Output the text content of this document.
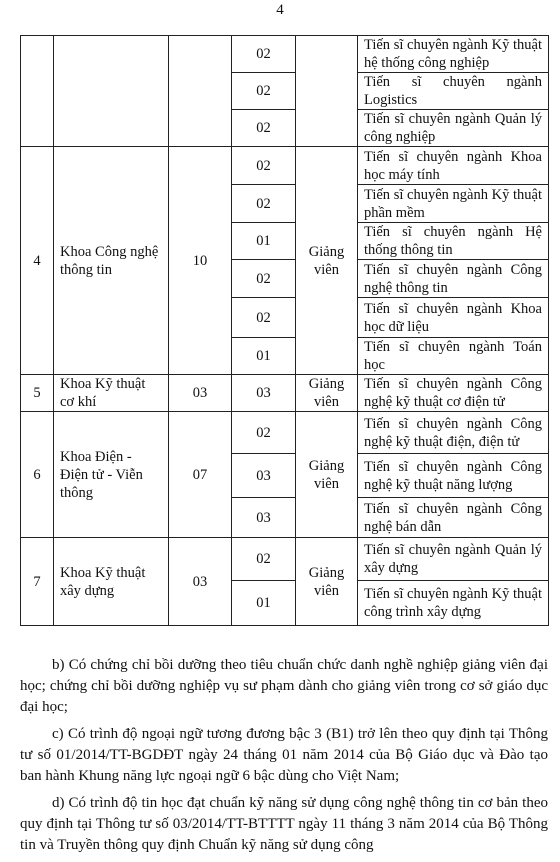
4
			02		Tiến sĩ chuyên ngành Kỹ thuật hệ thống công nghiệp
			02		Tiến sĩ chuyên ngành Logistics
			02		Tiến sĩ chuyên ngành Quản lý công nghiệp
4	Khoa Công nghệ thông tin	10	02	Giảng viên	Tiến sĩ chuyên ngành Khoa học máy tính
			02		Tiến sĩ chuyên ngành Kỹ thuật phần mềm
			01		Tiến sĩ chuyên ngành Hệ thống thông tin
			02		Tiến sĩ chuyên ngành Công nghệ thông tin
			02		Tiến sĩ chuyên ngành Khoa học dữ liệu
			01		Tiến sĩ chuyên ngành Toán học
5	Khoa Kỹ thuật cơ khí	03	03	Giảng viên	Tiến sĩ chuyên ngành Công nghệ kỹ thuật cơ điện tử
6	Khoa Điện - Điện tử - Viễn thông	07	02	Giảng viên	Tiến sĩ chuyên ngành Công nghệ kỹ thuật điện, điện tử
			03		Tiến sĩ chuyên ngành Công nghệ kỹ thuật năng lượng
			03		Tiến sĩ chuyên ngành Công nghệ bán dẫn
7	Khoa Kỹ thuật xây dựng	03	02	Giảng viên	Tiến sĩ chuyên ngành Quản lý xây dựng
			01		Tiến sĩ chuyên ngành Kỹ thuật công trình xây dựng

b) Có chứng chỉ bồi dưỡng theo tiêu chuẩn chức danh nghề nghiệp giảng viên đại học; chứng chỉ bồi dưỡng nghiệp vụ sư phạm dành cho giảng viên trong cơ sở giáo dục đại học;

c) Có trình độ ngoại ngữ tương đương bậc 3 (B1) trở lên theo quy định tại Thông tư số 01/2014/TT-BGDĐT ngày 24 tháng 01 năm 2014 của Bộ Giáo dục và Đào tạo ban hành Khung năng lực ngoại ngữ 6 bậc dùng cho Việt Nam;

d) Có trình độ tin học đạt chuẩn kỹ năng sử dụng công nghệ thông tin cơ bản theo quy định tại Thông tư số 03/2014/TT-BTTTT ngày 11 tháng 3 năm 2014 của Bộ Thông tin và Truyền thông quy định Chuẩn kỹ năng sử dụng công
